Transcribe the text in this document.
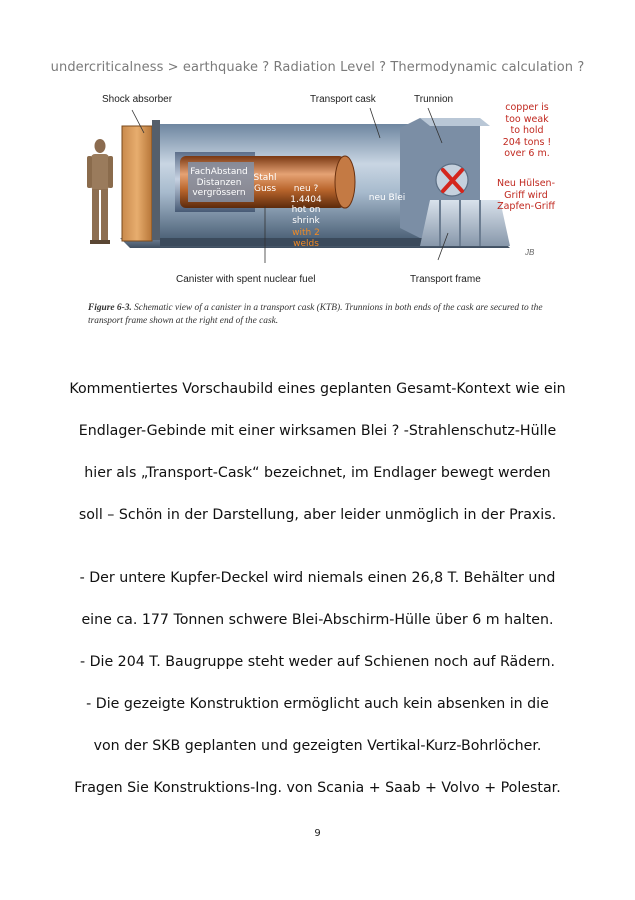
undercriticalness > earthquake ? Radiation Level ? Thermodynamic calculation ?
Shock absorber	Transport cask	Trunnion
Canister with spent nuclear fuel	Transport frame
copper is
too weak
to hold
204 tons !
over 6 m.
Neu Hülsen-
Griff wird
Zapfen-Griff
FachAbstand
Distanzen
vergrössern
Stahl
Guss	neu ?
1.4404
hot on
shrink
with 2
welds
neu Blei
JB
Figure 6-3. Schematic view of a canister in a transport cask (KTB). Trunnions in both ends of the cask are secured to the transport frame shown at the right end of the cask.
Kommentiertes Vorschaubild eines geplanten Gesamt-Kontext wie ein
Endlager-Gebinde mit einer wirksamen Blei ? -Strahlenschutz-Hülle
hier als „Transport-Cask“ bezeichnet, im Endlager bewegt werden
soll – Schön in der Darstellung, aber leider unmöglich in der Praxis.
- Der untere Kupfer-Deckel wird niemals einen 26,8 T. Behälter und
eine ca. 177 Tonnen schwere Blei-Abschirm-Hülle über 6 m halten.
- Die 204 T. Baugruppe steht weder auf Schienen noch auf Rädern.
- Die gezeigte Konstruktion ermöglicht auch kein absenken in die
von der SKB geplanten und gezeigten Vertikal-Kurz-Bohrlöcher.
Fragen Sie Konstruktions-Ing. von Scania + Saab + Volvo + Polestar.
9
